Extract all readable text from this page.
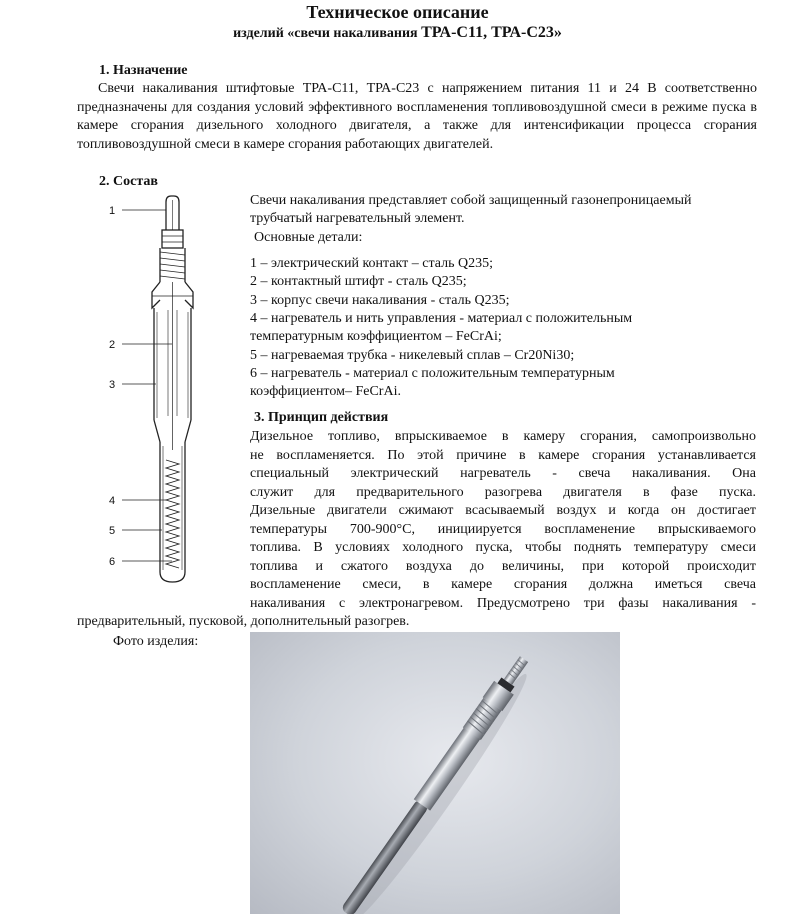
Техническое описание
изделий «свечи накаливания ТРА-С11, ТРА-С23»
1. Назначение
Свечи накаливания штифтовые ТРА-С11, ТРА-С23 с напряжением питания 11 и 24 В соответственно предназначены для создания условий эффективного воспламенения топливовоздушной смеси в режиме пуска в камере сгорания дизельного холодного двигателя, а также для интенсификации процесса сгорания топливовоздушной смеси в камере сгорания работающих двигателей.
2. Состав
1
2
3
4
5
6
Свечи накаливания представляет собой защищенный газонепроницаемый
трубчатый нагревательный элемент.
Основные детали:
1 – электрический контакт – сталь Q235;
2 – контактный штифт - сталь Q235;
3 – корпус свечи накаливания - сталь Q235;
4 – нагреватель и нить управления - материал с положительным
температурным коэффициентом – FeCrAi;
5 – нагреваемая трубка - никелевый сплав – Cr20Ni30;
6 – нагреватель - материал с положительным температурным
коэффициентом– FeCrAi.
3. Принцип действия
Дизельное топливо, впрыскиваемое в камеру сгорания, самопроизвольно
не воспламеняется. По этой причине в камере сгорания устанавливается
специальный электрический нагреватель - свеча накаливания. Она
служит для предварительного разогрева двигателя в фазе пуска.
Дизельные двигатели сжимают всасываемый воздух и когда он достигает
температуры 700-900°С, инициируется воспламенение впрыскиваемого
топлива. В условиях холодного пуска, чтобы поднять температуру смеси
топлива и сжатого воздуха до величины, при которой происходит
воспламенение смеси, в камере сгорания должна иметься свеча
накаливания с электронагревом. Предусмотрено три фазы накаливания -
предварительный, пусковой, дополнительный разогрев.
Фото изделия:
